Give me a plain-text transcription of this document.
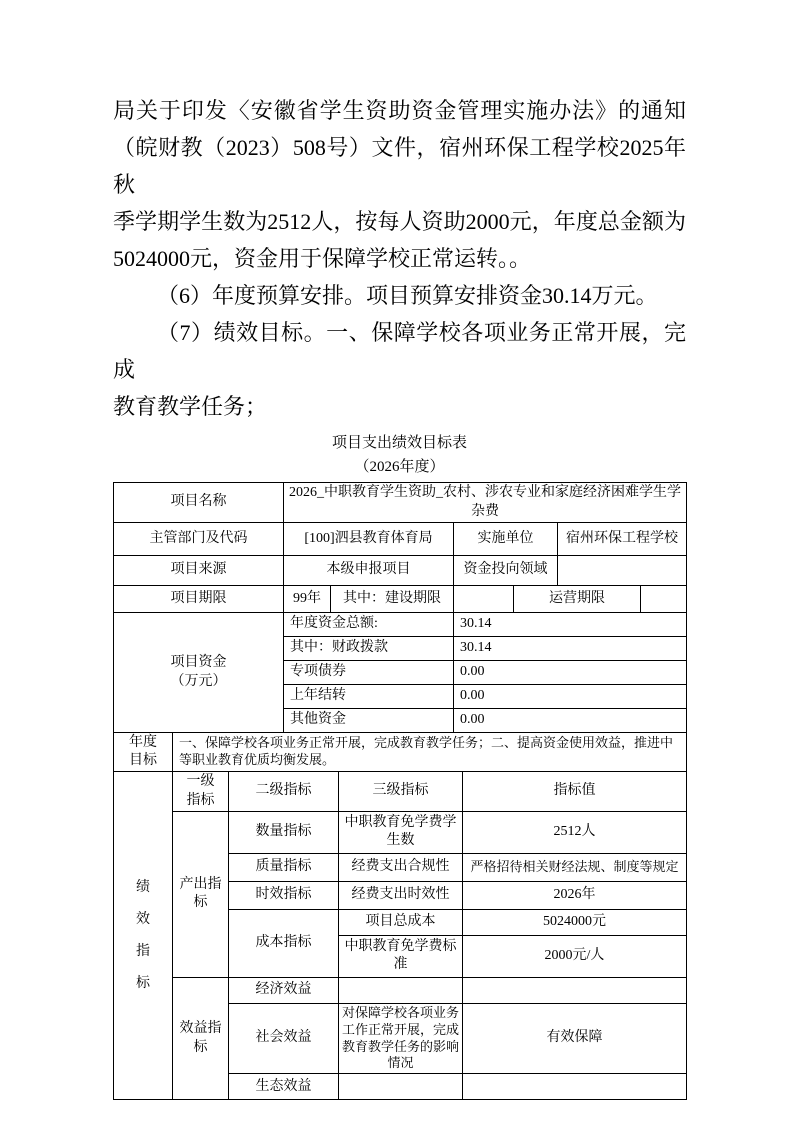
局关于印发〈安徽省学生资助资金管理实施办法》的通知
（皖财教（2023）508号）文件，宿州环保工程学校2025年秋
季学期学生数为2512人，按每人资助2000元，年度总金额为
5024000元，资金用于保障学校正常运转。。
（6）年度预算安排。项目预算安排资金30.14万元。
（7）绩效目标。一、保障学校各项业务正常开展，完成
教育教学任务；
项目支出绩效目标表
（2026年度）
项目名称	2026_中职教育学生资助_农村、涉农专业和家庭经济困难学生学杂费		
主管部门及代码	[100]泗县教育体育局	实施单位	宿州环保工程学校
项目来源	本级申报项目	资金投向领域	
项目期限	99年	其中：建设期限		运营期限	
项目资金（万元）	年度资金总额:	30.14
	其中：财政拨款	30.14
	专项债券	0.00
	上年结转	0.00
	其他资金	0.00
年度目标	一、保障学校各项业务正常开展，完成教育教学任务；二、提高资金使用效益，推进中等职业教育优质均衡发展。
绩效指标	一级指标	二级指标	三级指标	指标值
	产出指标	数量指标	中职教育免学费学生数	2512人
		质量指标	经费支出合规性	严格招待相关财经法规、制度等规定
		时效指标	经费支出时效性	2026年
		成本指标	项目总成本	5024000元
			中职教育免学费标准	2000元/人
	效益指标	经济效益		
		社会效益	对保障学校各项业务工作正常开展，完成教育教学任务的影响情况	有效保障
		生态效益		
